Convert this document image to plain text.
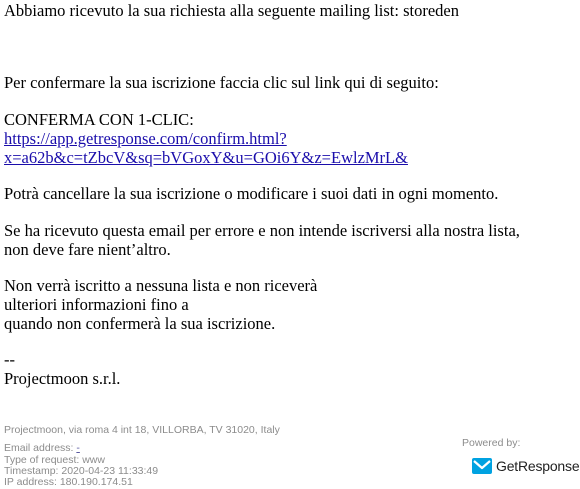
Abbiamo ricevuto la sua richiesta alla seguente mailing list: storeden
Per confermare la sua iscrizione faccia clic sul link qui di seguito:
CONFERMA CON 1-CLIC:
https://app.getresponse.com/confirm.html?
x=a62b&c=tZbcV&sq=bVGoxY&u=GOi6Y&z=EwlzMrL&
Potrà cancellare la sua iscrizione o modificare i suoi dati in ogni momento.
Se ha ricevuto questa email per errore e non intende iscriversi alla nostra lista,
non deve fare nient’altro.
Non verrà iscritto a nessuna lista e non riceverà
ulteriori informazioni fino a
quando non confermerà la sua iscrizione.
--
Projectmoon s.r.l.
Projectmoon, via roma 4 int 18, VILLORBA, TV 31020, Italy
Email address: -
Type of request: www
Timestamp: 2020-04-23 11:33:49
IP address: 180.190.174.51
Powered by:
GetResponse
